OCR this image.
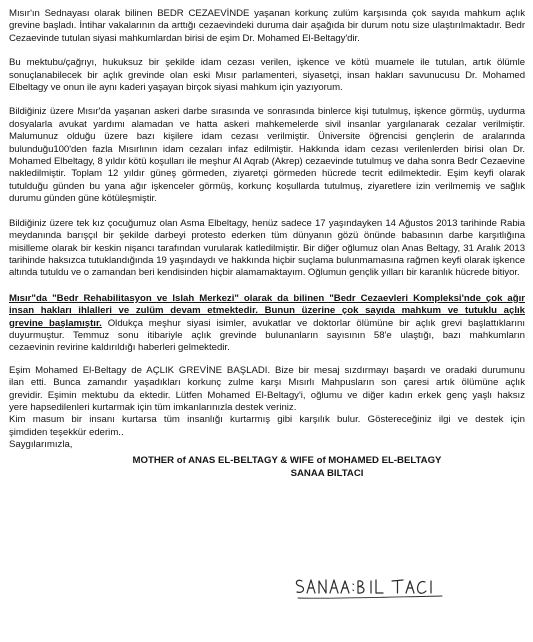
Mısır'ın Sednayası olarak bilinen BEDR CEZAEVİNDE yaşanan korkunç zulüm karşısında çok sayıda mahkum açlık grevine başladı. İntihar vakalarının da arttığı cezaevindeki duruma dair aşağıda bir durum notu size ulaştırılmaktadır. Bedr Cezaevinde tutulan siyasi mahkumlardan birisi de eşim Dr. Mohamed El-Beltagy'dir.

Bu mektubu/çağrıyı, hukuksuz bir şekilde idam cezası verilen, işkence ve kötü muamele ile tutulan, artık ölümle sonuçlanabilecek bir açlık grevinde olan eski Mısır parlamenteri, siyasetçi, insan hakları savunucusu Dr. Mohamed Elbeltagy ve onun ile aynı kaderi yaşayan birçok siyasi mahkum için yazıyorum.

Bildiğiniz üzere Mısır'da yaşanan askeri darbe sırasında ve sonrasında binlerce kişi tutulmuş, işkence görmüş, uydurma dosyalarla avukat yardımı alamadan ve hatta askeri mahkemelerde sivil insanlar yargılanarak cezalar verilmiştir. Malumunuz olduğu üzere bazı kişilere idam cezası verilmiştir. Üniversite öğrencisi gençlerin de aralarında bulunduğu100'den fazla Mısırlının idam cezaları infaz edilmiştir. Hakkında idam cezası verilenlerden birisi olan Dr. Mohamed Elbeltagy, 8 yıldır kötü koşulları ile meşhur Al Aqrab (Akrep) cezaevinde tutulmuş ve daha sonra Bedr Cezaevine nakledilmiştir. Toplam 12 yıldır güneş görmeden, ziyaretçi görmeden hücrede tecrit edilmektedir. Eşim keyfi olarak tutulduğu günden bu yana ağır işkenceler görmüş, korkunç koşullarda tutulmuş, ziyaretlere izin verilmemiş ve sağlık durumu günden güne kötüleşmiştir.

Bildiğiniz üzere tek kız çocuğumuz olan Asma Elbeltagy, henüz sadece 17 yaşındayken 14 Ağustos 2013 tarihinde Rabia meydanında barışçıl bir şekilde darbeyi protesto ederken tüm dünyanın gözü önünde babasının darbe karşıtlığına misilleme olarak bir keskin nişancı tarafından vurularak katledilmiştir. Bir diğer oğlumuz olan Anas Beltagy, 31 Aralık 2013 tarihinde haksızca tutuklandığında 19 yaşındaydı ve hakkında hiçbir suçlama bulunmamasına rağmen keyfi olarak işkence altında tutuldu ve o zamandan beri kendisinden hiçbir alamamaktayım. Oğlumun gençlik yılları bir karanlık hücrede bitiyor.

Mısır"da "Bedr Rehabilitasyon ve Islah Merkezi" olarak da bilinen "Bedr Cezaevleri Kompleksi'nde çok ağır
insan hakları ihlalleri ve zulüm devam etmektedir. Bunun üzerine çok sayıda mahkum ve tutuklu açlık
grevine başlamıştır. Oldukça meşhur siyasi isimler, avukatlar ve doktorlar ölümüne bir açlık grevi başlattıklarını
duyurmuştur. Temmuz sonu itibariyle açlık grevinde bulunanların sayısının 58'e ulaştığı, bazı mahkumların
cezaevinin revirine kaldırıldığı haberleri gelmektedir.
Eşim Mohamed El-Beltagy de AÇLIK GREVİNE BAŞLADI. Bize bir mesaj sızdırmayı başardı ve oradaki durumunu
ilan etti. Bunca zamandır yaşadıkları korkunç zulme karşı Mısırlı Mahpusların son çaresi artık ölümüne açlık
grevidir. Eşimin mektubu da ektedir. Lütfen Mohamed El-Beltagy'i, oğlumu ve diğer kadın erkek genç yaşlı haksız
yere hapsedilenleri kurtarmak için tüm imkanlarınızla destek veriniz.
Kim masum bir insanı kurtarsa tüm insanlığı kurtarmış gibi karşılık bulur. Göstereceğiniz ilgi ve destek için
şimdiden teşekkür ederim..
Saygılarımızla,
MOTHER of ANAS EL-BELTAGY & WIFE of MOHAMED EL-BELTAGY
SANAA BILTACI
